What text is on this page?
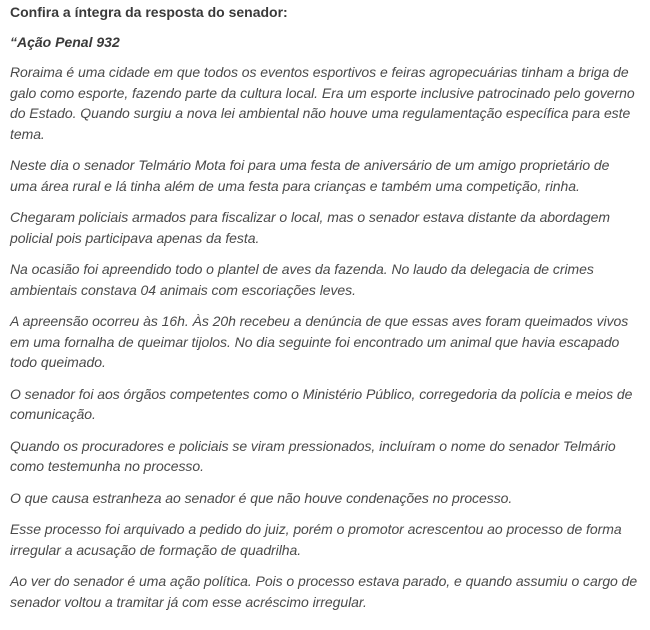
Confira a íntegra da resposta do senador:
“Ação Penal 932

Roraima é uma cidade em que todos os eventos esportivos e feiras agropecuárias tinham a briga de galo como esporte, fazendo parte da cultura local. Era um esporte inclusive patrocinado pelo governo do Estado. Quando surgiu a nova lei ambiental não houve uma regulamentação específica para este tema.

Neste dia o senador Telmário Mota foi para uma festa de aniversário de um amigo proprietário de uma área rural e lá tinha além de uma festa para crianças e também uma competição, rinha.

Chegaram policiais armados para fiscalizar o local, mas o senador estava distante da abordagem policial pois participava apenas da festa.

Na ocasião foi apreendido todo o plantel de aves da fazenda. No laudo da delegacia de crimes ambientais constava 04 animais com escoriações leves.

A apreensão ocorreu às 16h. Às 20h recebeu a denúncia de que essas aves foram queimados vivos em uma fornalha de queimar tijolos. No dia seguinte foi encontrado um animal que havia escapado todo queimado.

O senador foi aos órgãos competentes como o Ministério Público, corregedoria da polícia e meios de comunicação.

Quando os procuradores e policiais se viram pressionados, incluíram o nome do senador Telmário como testemunha no processo.

O que causa estranheza ao senador é que não houve condenações no processo.

Esse processo foi arquivado a pedido do juiz, porém o promotor acrescentou ao processo de forma irregular a acusação de formação de quadrilha.

Ao ver do senador é uma ação política. Pois o processo estava parado, e quando assumiu o cargo de senador voltou a tramitar já com esse acréscimo irregular.
